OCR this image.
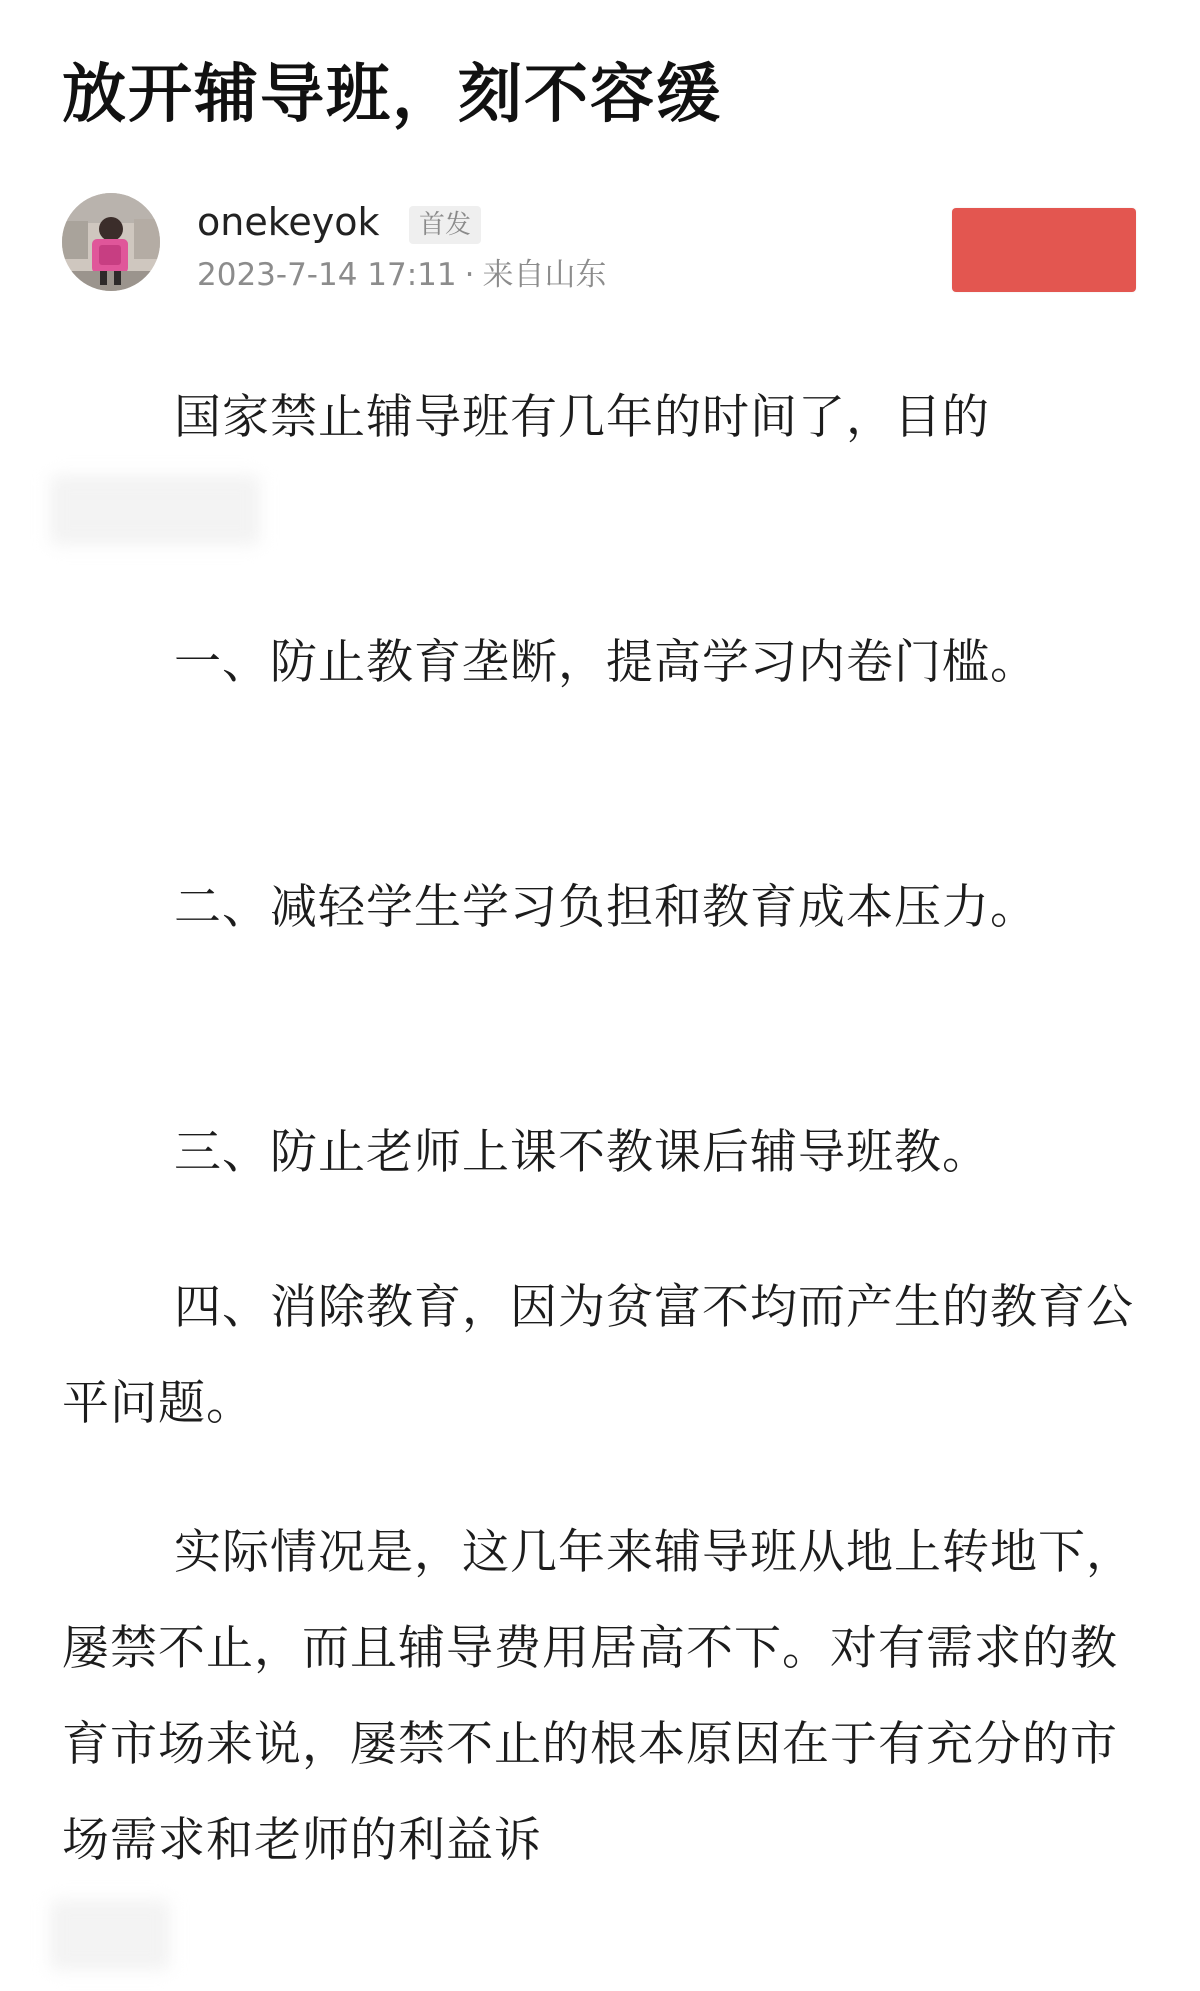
放开辅导班，刻不容缓
onekeyok	首发
2023-7-14 17:11 · 来自山东

国家禁止辅导班有几年的时间了，目的

一、防止教育垄断，提高学习内卷门槛。

二、减轻学生学习负担和教育成本压力。

三、防止老师上课不教课后辅导班教。

四、消除教育，因为贫富不均而产生的教育公平问题。

实际情况是，这几年来辅导班从地上转地下，屡禁不止，而且辅导费用居高不下。对有需求的教育市场来说，屡禁不止的根本原因在于有充分的市场需求和老师的利益诉
